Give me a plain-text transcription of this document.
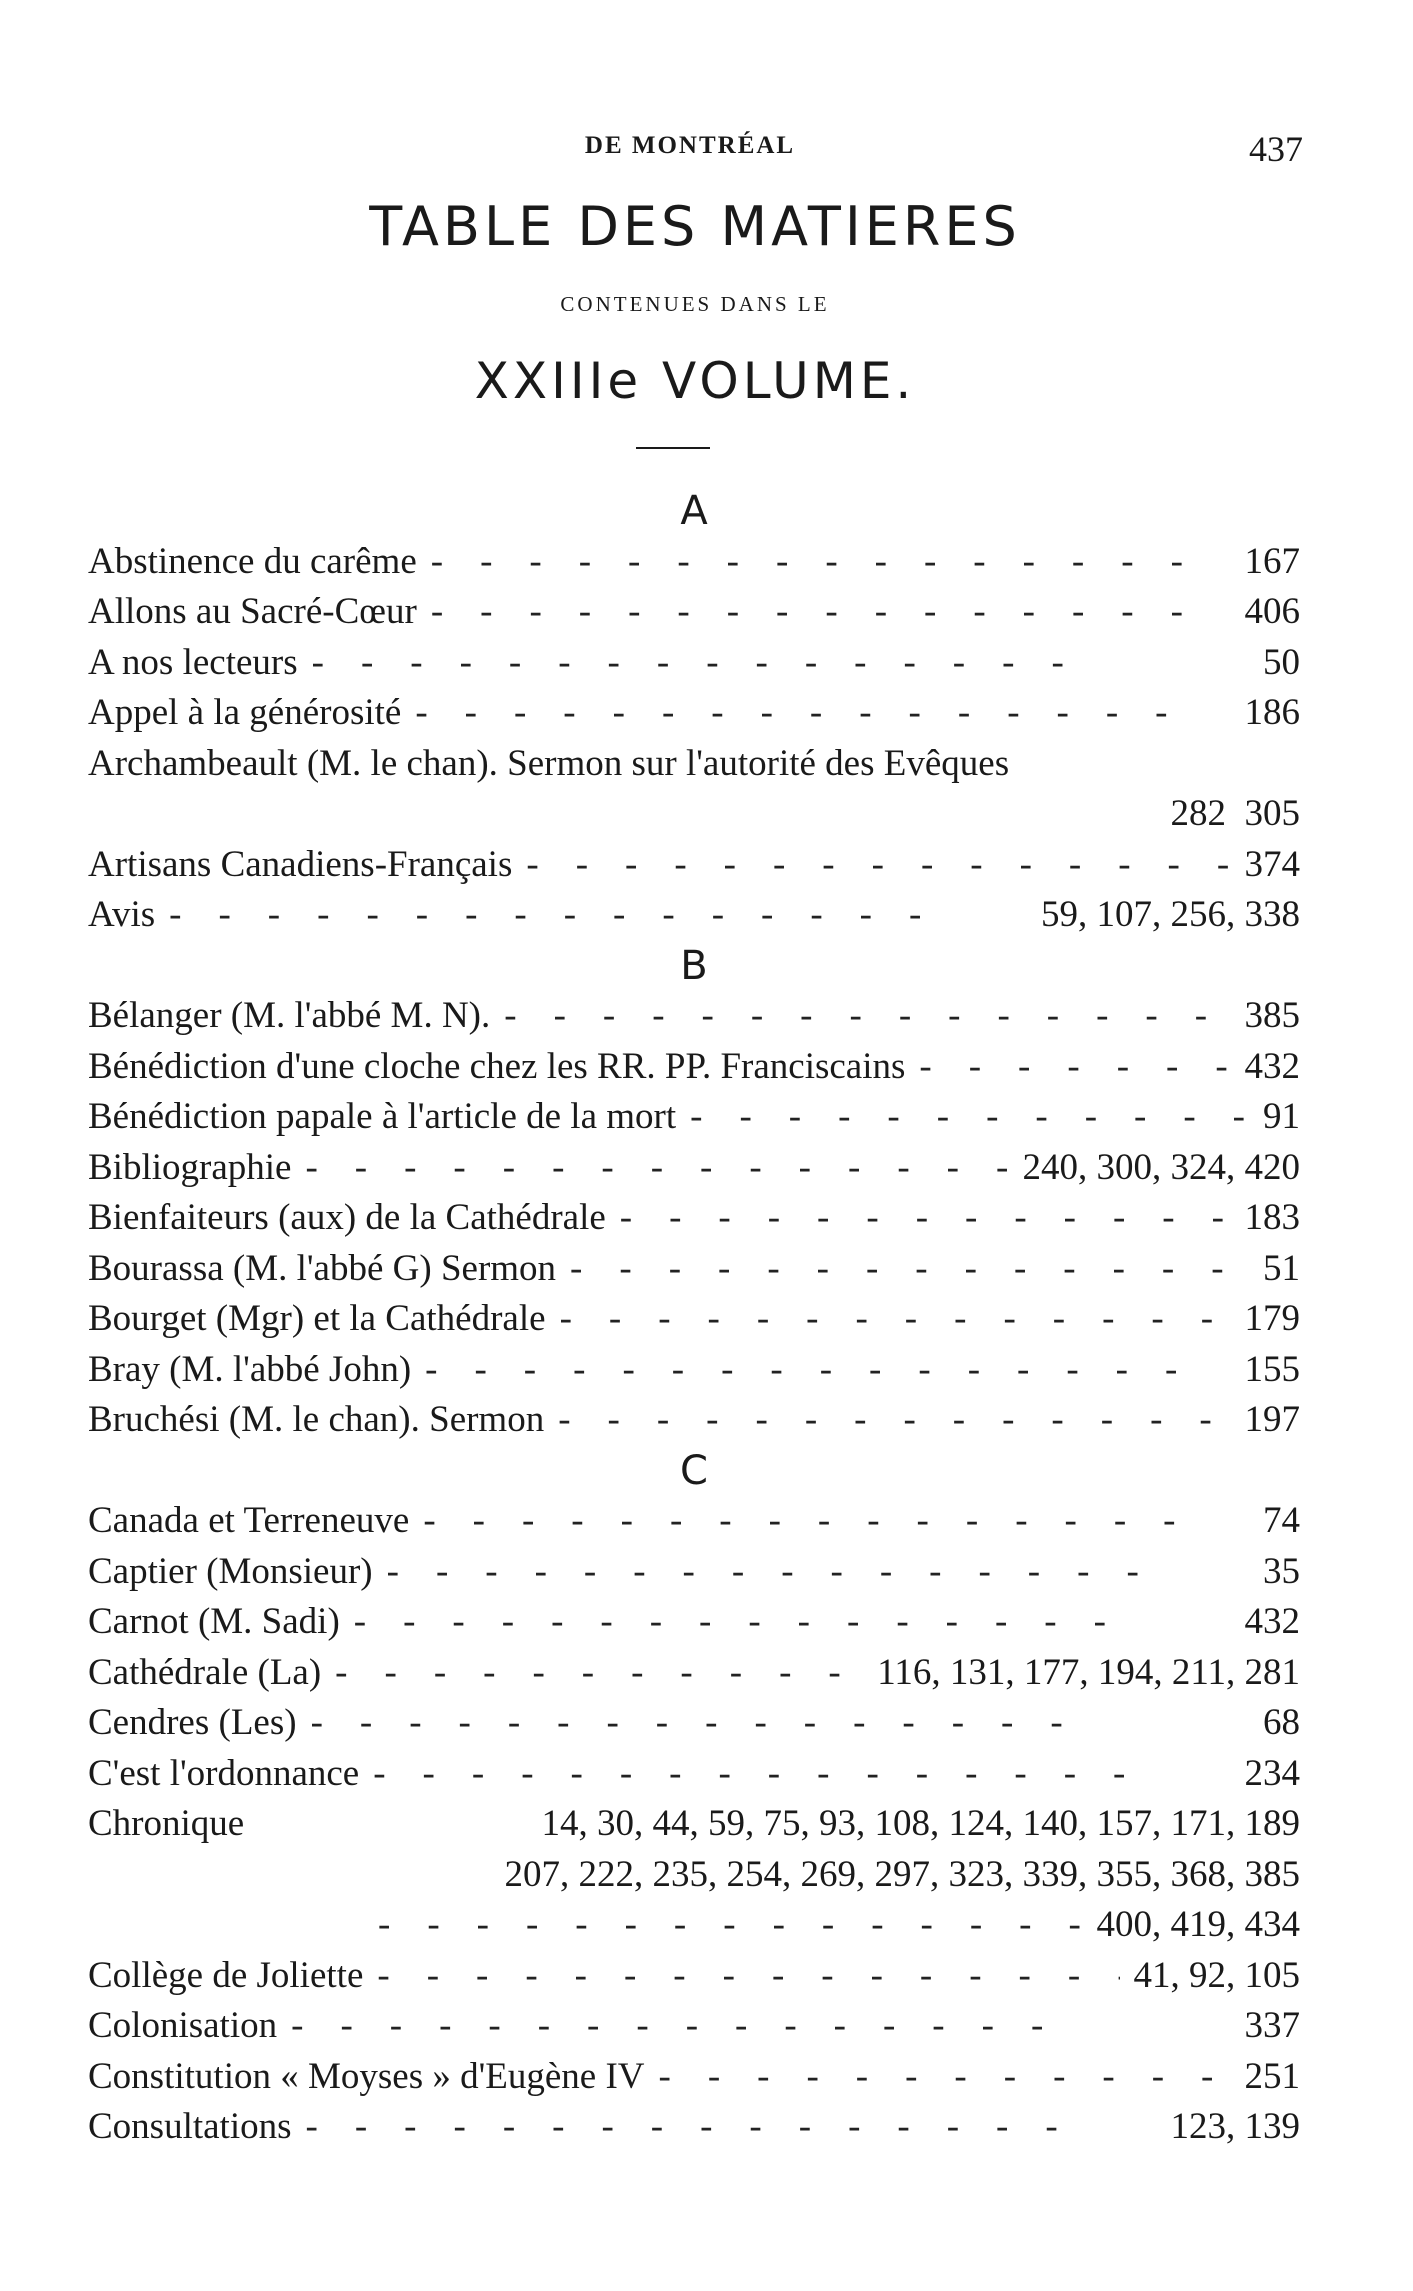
DE MONTRÉAL	437
TABLE DES MATIERES
CONTENUES DANS LE
XXIIIe VOLUME.
A
Abstinence du carême -	167
Allons au Sacré-Cœur -	406
A nos lecteurs -	50
Appel à la générosité -	186
Archambeault (M. le chan). Sermon sur l'autorité des Evêques
282  305
Artisans Canadiens-Français -	374
Avis -	59, 107, 256, 338
B
Bélanger (M. l'abbé M. N). -	385
Bénédiction d'une cloche chez les RR. PP. Franciscains -	432
Bénédiction papale à l'article de la mort -	91
Bibliographie -	240, 300, 324, 420
Bienfaiteurs (aux) de la Cathédrale -	183
Bourassa (M. l'abbé G) Sermon -	51
Bourget (Mgr) et la Cathédrale -	179
Bray (M. l'abbé John) -	155
Bruchési (M. le chan). Sermon -	197
C
Canada et Terreneuve -	74
Captier (Monsieur) -	35
Carnot (M. Sadi) -	432
Cathédrale (La) -	116, 131, 177, 194, 211, 281
Cendres (Les) -	68
C'est l'ordonnance -	234
Chronique	14, 30, 44, 59, 75, 93, 108, 124, 140, 157, 171, 189
207, 222, 235, 254, 269, 297, 323, 339, 355, 368, 385
-
400, 419, 434
Collège de Joliette -	41, 92, 105
Colonisation -	337
Constitution « Moyses » d'Eugène IV -	251
Consultations -	123, 139
